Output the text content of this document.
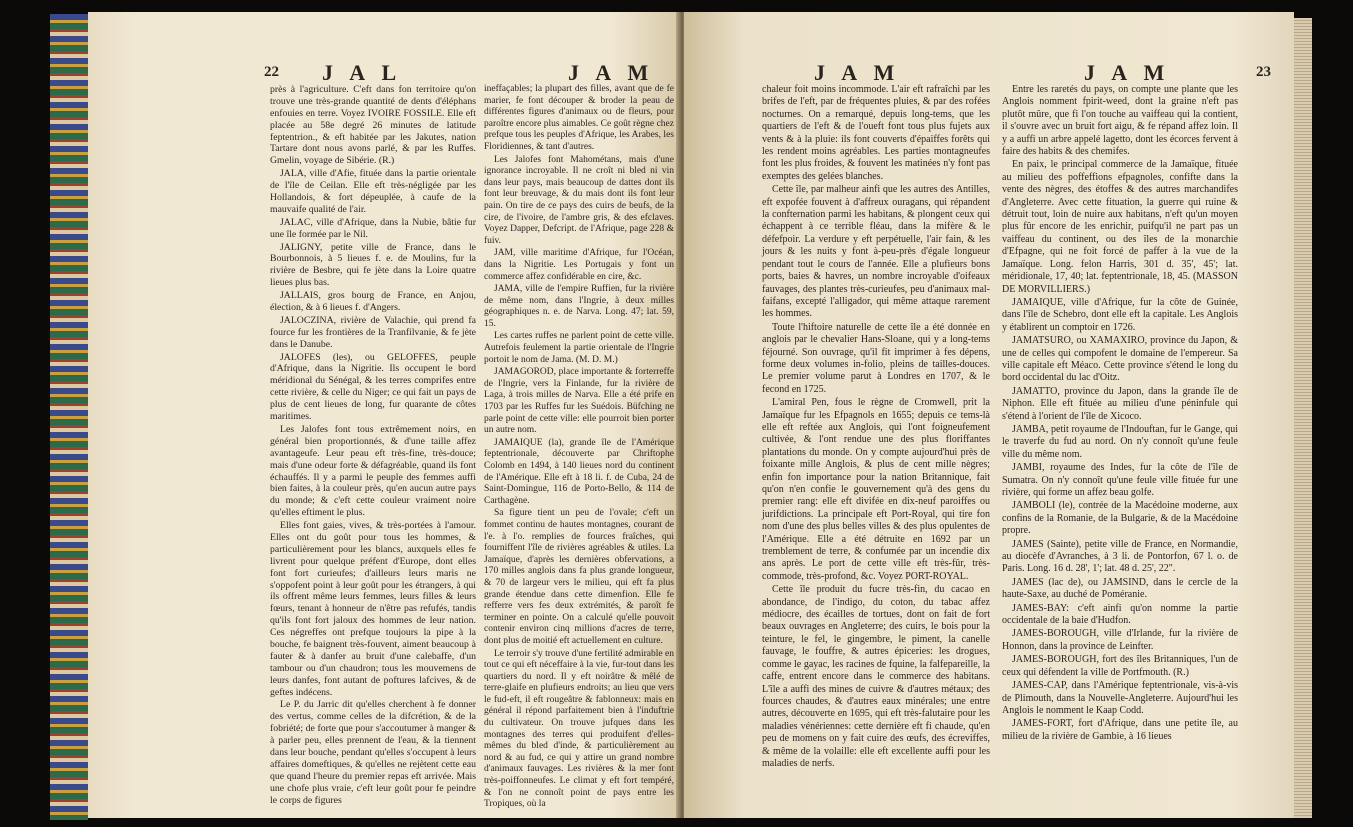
22 J A L	J A M

près à l'agriculture. C'eft dans fon territoire qu'on trouve une très-grande quantité de dents d'éléphans enfouies en terre. Voyez IVOIRE FOSSILE. Elle eft placée au 58e degré 26 minutes de latitude feptentrion., & eft habitée par les Jakutes, nation Tartare dont nous avons parlé, & par les Ruffes. Gmelin, voyage de Sibérie. (R.)

JALA, ville d'Afie, fituée dans la partie orientale de l'île de Ceilan. Elle eft très-négligée par les Hollandois, & fort dépeuplée, à caufe de la mauvaife qualité de l'air.

JALAC, ville d'Afrique, dans la Nubie, bâtie fur une île formée par le Nil.

JALIGNY, petite ville de France, dans le Bourbonnois, à 5 lieues f. e. de Moulins, fur la rivière de Besbre, qui fe jète dans la Loire quatre lieues plus bas.

JALLAIS, gros bourg de France, en Anjou, élection, & à 6 lieues f. d'Angers.

JALOCZINA, rivière de Valachie, qui prend fa fource fur les frontières de la Tranfilvanie, & fe jète dans le Danube.

JALOFES (les), ou GELOFFES, peuple d'Afrique, dans la Nigritie. Ils occupent le bord méridional du Sénégal, & les terres comprifes entre cette rivière, & celle du Niger; ce qui fait un pays de plus de cent lieues de long, fur quarante de côtes maritimes.

Les Jalofes font tous extrêmement noirs, en général bien proportionnés, & d'une taille affez avantageufe. Leur peau eft très-fine, très-douce; mais d'une odeur forte & défagréable, quand ils font échauffés. Il y a parmi le peuple des femmes auffi bien faites, à la couleur près, qu'en aucun autre pays du monde; & c'eft cette couleur vraiment noire qu'elles eftiment le plus.

Elles font gaies, vives, & très-portées à l'amour. Elles ont du goût pour tous les hommes, & particulièrement pour les blancs, auxquels elles fe livrent pour quelque préfent d'Europe, dont elles font fort curieufes; d'ailleurs leurs maris ne s'oppofent point à leur goût pour les étrangers, à qui ils offrent même leurs femmes, leurs filles & leurs fœurs, tenant à honneur de n'être pas refufés, tandis qu'ils font fort jaloux des hommes de leur nation. Ces négreffes ont prefque toujours la pipe à la bouche, fe baignent très-fouvent, aiment beaucoup à fauter & à danfer au bruit d'une calebaffe, d'un tambour ou d'un chaudron; tous les mouvemens de leurs danfes, font autant de poftures lafcives, & de geftes indécens.

Le P. du Jarric dit qu'elles cherchent à fe donner des vertus, comme celles de la difcrétion, & de la fobriété; de forte que pour s'accoutumer à manger & à parler peu, elles prennent de l'eau, & la tiennent dans leur bouche, pendant qu'elles s'occupent à leurs affaires domeftiques, & qu'elles ne rejètent cette eau que quand l'heure du premier repas eft arrivée. Mais une chofe plus vraie, c'eft leur goût pour fe peindre le corps de figures

ineffaçables; la plupart des filles, avant que de fe marier, fe font découper & broder la peau de différentes figures d'animaux ou de fleurs, pour paroître encore plus aimables. Ce goût règne chez prefque tous les peuples d'Afrique, les Arabes, les Floridiennes, & tant d'autres.

Les Jalofes font Mahométans, mais d'une ignorance incroyable. Il ne croît ni bled ni vin dans leur pays, mais beaucoup de dattes dont ils font leur breuvage, & du mais dont ils font leur pain. On tire de ce pays des cuirs de beufs, de la cire, de l'ivoire, de l'ambre gris, & des efclaves. Voyez Dapper, Defcript. de l'Afrique, page 228 & fuiv.

JAM, ville maritime d'Afrique, fur l'Océan, dans la Nigritie. Les Portugais y font un commerce affez confidérable en cire, &c.

JAMA, ville de l'empire Ruffien, fur la rivière de même nom, dans l'Ingrie, à deux milles géographiques n. e. de Narva. Long. 47; lat. 59, 15.

Les cartes ruffes ne parlent point de cette ville. Autrefois feulement la partie orientale de l'Ingrie portoit le nom de Jama. (M. D. M.)

JAMAGOROD, place importante & forterreffe de l'Ingrie, vers la Finlande, fur la rivière de Laga, à trois milles de Narva. Elle a été prife en 1703 par les Ruffes fur les Suédois. Büfching ne parle point de cette ville: elle pourroit bien porter un autre nom.

JAMAIQUE (la), grande île de l'Amérique feptentrionale, découverte par Chriftophe Colomb en 1494, à 140 lieues nord du continent de l'Amérique. Elle eft à 18 li. f. de Cuba, 24 de Saint-Domingue, 116 de Porto-Bello, & 114 de Carthagène.

Sa figure tient un peu de l'ovale; c'eft un fommet continu de hautes montagnes, courant de l'e. à l'o. remplies de fources fraîches, qui fourniffent l'île de rivières agréables & utiles. La Jamaïque, d'après les dernières obfervations, a 170 milles anglois dans fa plus grande longueur, & 70 de largeur vers le milieu, qui eft fa plus grande étendue dans cette dimenfion. Elle fe refferre vers fes deux extrémités, & paroît fe terminer en pointe. On a calculé qu'elle pouvoit contenir environ cinq millions d'acres de terre, dont plus de moitié eft actuellement en culture.

Le terroir s'y trouve d'une fertilité admirable en tout ce qui eft néceffaire à la vie, fur-tout dans les quartiers du nord. Il y eft noirâtre & mêlé de terre-glaife en plufieurs endroits; au lieu que vers le fud-eft, il eft rougeâtre & fablonneux: mais en général il répond parfaitement bien à l'induftrie du cultivateur. On trouve jufques dans les montagnes des terres qui produifent d'elles-mêmes du bled d'inde, & particulièrement au nord & au fud, ce qui y attire un grand nombre d'animaux fauvages. Les rivières & la mer font très-poiffonneufes. Le climat y eft fort tempéré, & l'on ne connoît point de pays entre les Tropiques, où la

J A M	J A M	23

chaleur foit moins incommode. L'air eft rafraîchi par les brifes de l'eft, par de fréquentes pluies, & par des rofées nocturnes. On a remarqué, depuis long-tems, que les quartiers de l'eft & de l'oueft font tous plus fujets aux vents & à la pluie: ils font couverts d'épaiffes forêts qui les rendent moins agréables. Les parties montagneufes font les plus froides, & fouvent les matinées n'y font pas exemptes des gelées blanches.

Cette île, par malheur ainfi que les autres des Antilles, eft expofée fouvent à d'affreux ouragans, qui répandent la confternation parmi les habitans, & plongent ceux qui échappent à ce terrible fléau, dans la mifère & le défefpoir. La verdure y eft perpétuelle, l'air fain, & les jours & les nuits y font à-peu-près d'égale longueur pendant tout le cours de l'année. Elle a plufieurs bons ports, baies & havres, un nombre incroyable d'oifeaux fauvages, des plantes très-curieufes, peu d'animaux mal-faifans, excepté l'alligador, qui même attaque rarement les hommes.

Toute l'hiftoire naturelle de cette île a été donnée en anglois par le chevalier Hans-Sloane, qui y a long-tems féjourné. Son ouvrage, qu'il fit imprimer à fes dépens, forme deux volumes in-folio, pleins de tailles-douces. Le premier volume parut à Londres en 1707, & le fecond en 1725.

L'amiral Pen, fous le règne de Cromwell, prit la Jamaïque fur les Efpagnols en 1655; depuis ce tems-là elle eft reftée aux Anglois, qui l'ont foigneufement cultivée, & l'ont rendue une des plus floriffantes plantations du monde. On y compte aujourd'hui près de foixante mille Anglois, & plus de cent mille nègres; enfin fon importance pour la nation Britannique, fait qu'on n'en confie le gouvernement qu'à des gens du premier rang: elle eft divifée en dix-neuf paroiffes ou jurifdictions. La principale eft Port-Royal, qui tire fon nom d'une des plus belles villes & des plus opulentes de l'Amérique. Elle a été détruite en 1692 par un tremblement de terre, & confumée par un incendie dix ans après. Le port de cette ville eft très-fûr, très-commode, très-profond, &c. Voyez PORT-ROYAL.

Cette île produit du fucre très-fin, du cacao en abondance, de l'indigo, du coton, du tabac affez médiocre, des écailles de tortues, dont on fait de fort beaux ouvrages en Angleterre; des cuirs, le bois pour la teinture, le fel, le gingembre, le piment, la canelle fauvage, le fouffre, & autres épiceries: les drogues, comme le gayac, les racines de fquine, la falfepareille, la caffe, entrent encore dans le commerce des habitans. L'île a auffi des mines de cuivre & d'autres métaux; des fources chaudes, & d'autres eaux minérales; une entre autres, découverte en 1695, qui eft très-falutaire pour les maladies vénériennes: cette dernière eft fi chaude, qu'en peu de momens on y fait cuire des œufs, des écreviffes, & même de la volaille: elle eft excellente auffi pour les maladies de nerfs.

Entre les raretés du pays, on compte une plante que les Anglois nomment fpirit-weed, dont la graine n'eft pas plutôt mûre, que fi l'on touche au vaiffeau qui la contient, il s'ouvre avec un bruit fort aigu, & fe répand affez loin. Il y a auffi un arbre appelé lagetto, dont les écorces fervent à faire des habits & des chemifes.

En paix, le principal commerce de la Jamaïque, fituée au milieu des poffeffions efpagnoles, confifte dans la vente des nègres, des étoffes & des autres marchandifes d'Angleterre. Avec cette fituation, la guerre qui ruine & détruit tout, loin de nuire aux habitans, n'eft qu'un moyen plus fûr encore de les enrichir, puifqu'il ne part pas un vaiffeau du continent, ou des îles de la monarchie d'Efpagne, qui ne foit forcé de paffer à la vue de la Jamaïque. Long. felon Harris, 301 d. 35', 45'; lat. méridionale, 17, 40; lat. feptentrionale, 18, 45. (MASSON DE MORVILLIERS.)

JAMAIQUE, ville d'Afrique, fur la côte de Guinée, dans l'île de Schebro, dont elle eft la capitale. Les Anglois y établirent un comptoir en 1726.

JAMATSURO, ou XAMAXIRO, province du Japon, & une de celles qui compofent le domaine de l'empereur. Sa ville capitale eft Méaco. Cette province s'étend le long du bord occidental du lac d'Oitz.

JAMATTO, province du Japon, dans la grande île de Niphon. Elle eft fituée au milieu d'une péninfule qui s'étend à l'orient de l'île de Xicoco.

JAMBA, petit royaume de l'Indouftan, fur le Gange, qui le traverfe du fud au nord. On n'y connoît qu'une feule ville du même nom.

JAMBI, royaume des Indes, fur la côte de l'île de Sumatra. On n'y connoît qu'une feule ville fituée fur une rivière, qui forme un affez beau golfe.

JAMBOLI (le), contrée de la Macédoine moderne, aux confins de la Romanie, de la Bulgarie, & de la Macédoine propre.

JAMES (Sainte), petite ville de France, en Normandie, au diocèfe d'Avranches, à 3 li. de Pontorfon, 67 l. o. de Paris. Long. 16 d. 28', 1'; lat. 48 d. 25', 22".

JAMES (lac de), ou JAMSIND, dans le cercle de la haute-Saxe, au duché de Poméranie.

JAMES-BAY: c'eft ainfi qu'on nomme la partie occidentale de la baie d'Hudfon.

JAMES-BOROUGH, ville d'Irlande, fur la rivière de Honnon, dans la province de Leinfter.

JAMES-BOROUGH, fort des îles Britanniques, l'un de ceux qui défendent la ville de Portfmouth. (R.)

JAMES-CAP, dans l'Amérique feptentrionale, vis-à-vis de Plimouth, dans la Nouvelle-Angleterre. Aujourd'hui les Anglois le nomment le Kaap Codd.

JAMES-FORT, fort d'Afrique, dans une petite île, au milieu de la rivière de Gambie, à 16 lieues
